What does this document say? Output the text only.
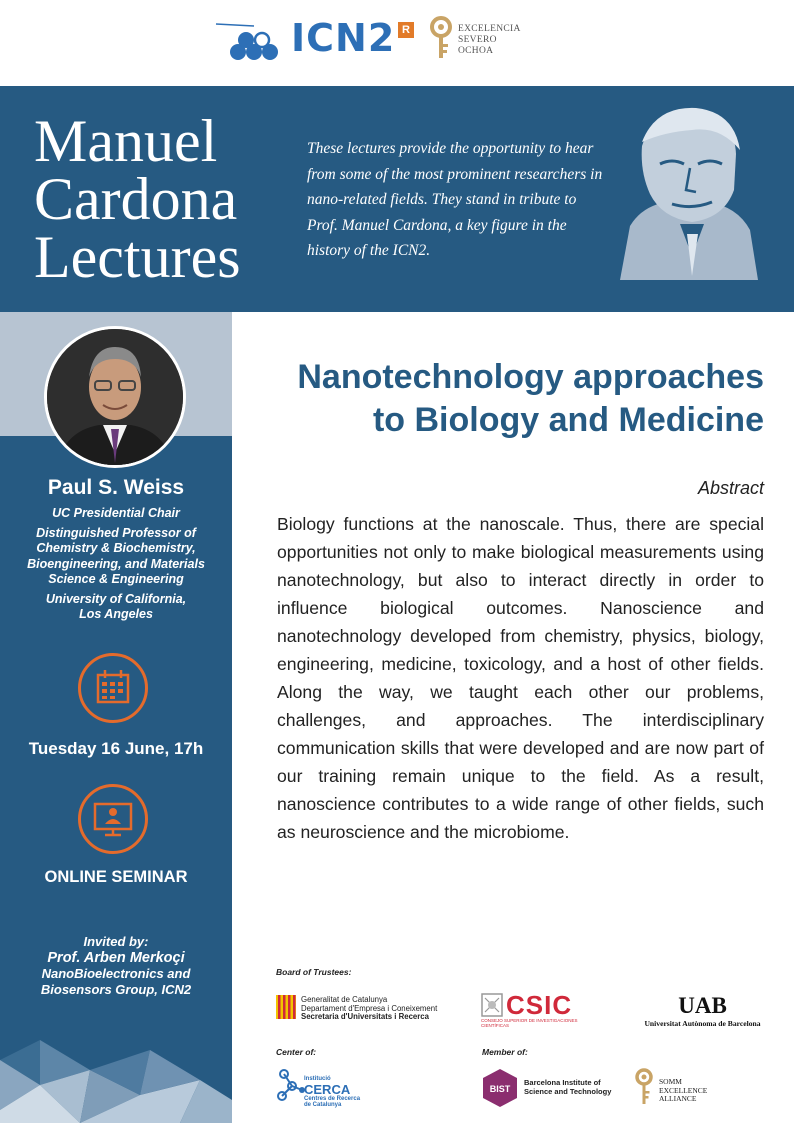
ICN2 R	EXCELENCIA
SEVERO
OCHOA
Manuel
Cardona
Lectures
These lectures provide the opportunity to hear from some of the most prominent researchers in nano-related fields. They stand in tribute to Prof. Manuel Cardona, a key figure in the history of the ICN2.
Paul S. Weiss

UC Presidential Chair

Distinguished Professor of Chemistry & Biochemistry, Bioengineering, and Materials Science & Engineering

University of California, Los Angeles

Tuesday 16 June, 17h
ONLINE SEMINAR
Invited by:
Prof. Arben Merkoçi
NanoBioelectronics and Biosensors Group, ICN2
Nanotechnology approaches
to Biology and Medicine
Abstract
Biology functions at the nanoscale. Thus, there are special opportunities not only to make biological measurements using nanotechnology, but also to interact directly in order to influence biological outcomes. Nanoscience and nanotechnology developed from chemistry, physics, biology, engineering, medicine, toxicology, and a host of other fields. Along the way, we taught each other our problems, challenges, and approaches. The interdisciplinary communication skills that were developed and are now part of our training remain unique to the field. As a result, nanoscience contributes to a wide range of other fields, such as neuroscience and the microbiome.
Board of Trustees:
Generalitat de Catalunya
Departament d'Empresa i Coneixement
Secretaria d'Universitats i Recerca	CSIC
CONSEJO SUPERIOR DE INVESTIGACIONES CIENTÍFICAS
UAB
Universitat Autònoma de Barcelona
Center of:	Member of:
Institució
CERCA
Centres de Recerca
de Catalunya
BIST
Barcelona Institute of
Science and Technology
SOMM
EXCELLENCE
ALLIANCE
